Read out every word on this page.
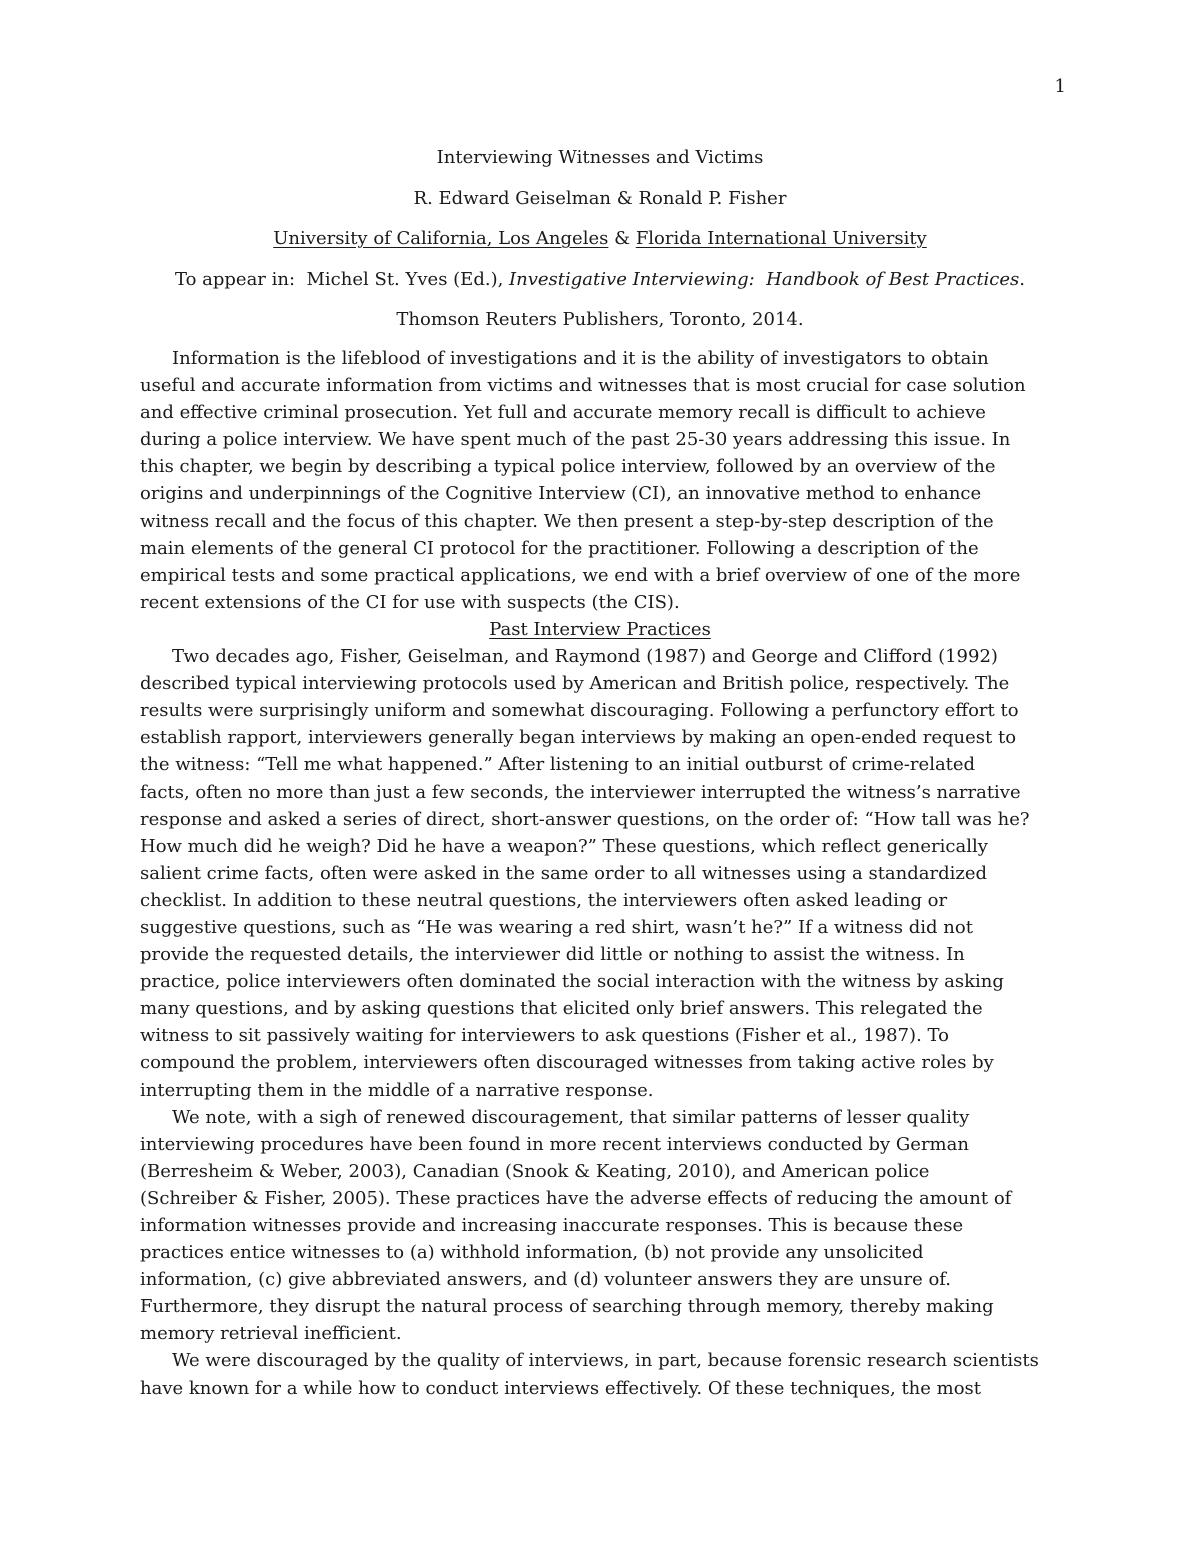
1
Interviewing Witnesses and Victims
R. Edward Geiselman & Ronald P. Fisher
University of California, Los Angeles & Florida International University
To appear in:  Michel St. Yves (Ed.), Investigative Interviewing:  Handbook of Best Practices.
Thomson Reuters Publishers, Toronto, 2014.
Information is the lifeblood of investigations and it is the ability of investigators to obtain
useful and accurate information from victims and witnesses that is most crucial for case solution
and effective criminal prosecution. Yet full and accurate memory recall is difficult to achieve
during a police interview. We have spent much of the past 25-30 years addressing this issue. In
this chapter, we begin by describing a typical police interview, followed by an overview of the
origins and underpinnings of the Cognitive Interview (CI), an innovative method to enhance
witness recall and the focus of this chapter. We then present a step-by-step description of the
main elements of the general CI protocol for the practitioner. Following a description of the
empirical tests and some practical applications, we end with a brief overview of one of the more
recent extensions of the CI for use with suspects (the CIS).
Past Interview Practices
Two decades ago, Fisher, Geiselman, and Raymond (1987) and George and Clifford (1992)
described typical interviewing protocols used by American and British police, respectively. The
results were surprisingly uniform and somewhat discouraging. Following a perfunctory effort to
establish rapport, interviewers generally began interviews by making an open-ended request to
the witness: “Tell me what happened.” After listening to an initial outburst of crime-related
facts, often no more than just a few seconds, the interviewer interrupted the witness’s narrative
response and asked a series of direct, short-answer questions, on the order of: “How tall was he?
How much did he weigh? Did he have a weapon?” These questions, which reflect generically
salient crime facts, often were asked in the same order to all witnesses using a standardized
checklist. In addition to these neutral questions, the interviewers often asked leading or
suggestive questions, such as “He was wearing a red shirt, wasn’t he?” If a witness did not
provide the requested details, the interviewer did little or nothing to assist the witness. In
practice, police interviewers often dominated the social interaction with the witness by asking
many questions, and by asking questions that elicited only brief answers. This relegated the
witness to sit passively waiting for interviewers to ask questions (Fisher et al., 1987). To
compound the problem, interviewers often discouraged witnesses from taking active roles by
interrupting them in the middle of a narrative response.
We note, with a sigh of renewed discouragement, that similar patterns of lesser quality
interviewing procedures have been found in more recent interviews conducted by German
(Berresheim & Weber, 2003), Canadian (Snook & Keating, 2010), and American police
(Schreiber & Fisher, 2005). These practices have the adverse effects of reducing the amount of
information witnesses provide and increasing inaccurate responses. This is because these
practices entice witnesses to (a) withhold information, (b) not provide any unsolicited
information, (c) give abbreviated answers, and (d) volunteer answers they are unsure of.
Furthermore, they disrupt the natural process of searching through memory, thereby making
memory retrieval inefficient.
We were discouraged by the quality of interviews, in part, because forensic research scientists
have known for a while how to conduct interviews effectively. Of these techniques, the most
